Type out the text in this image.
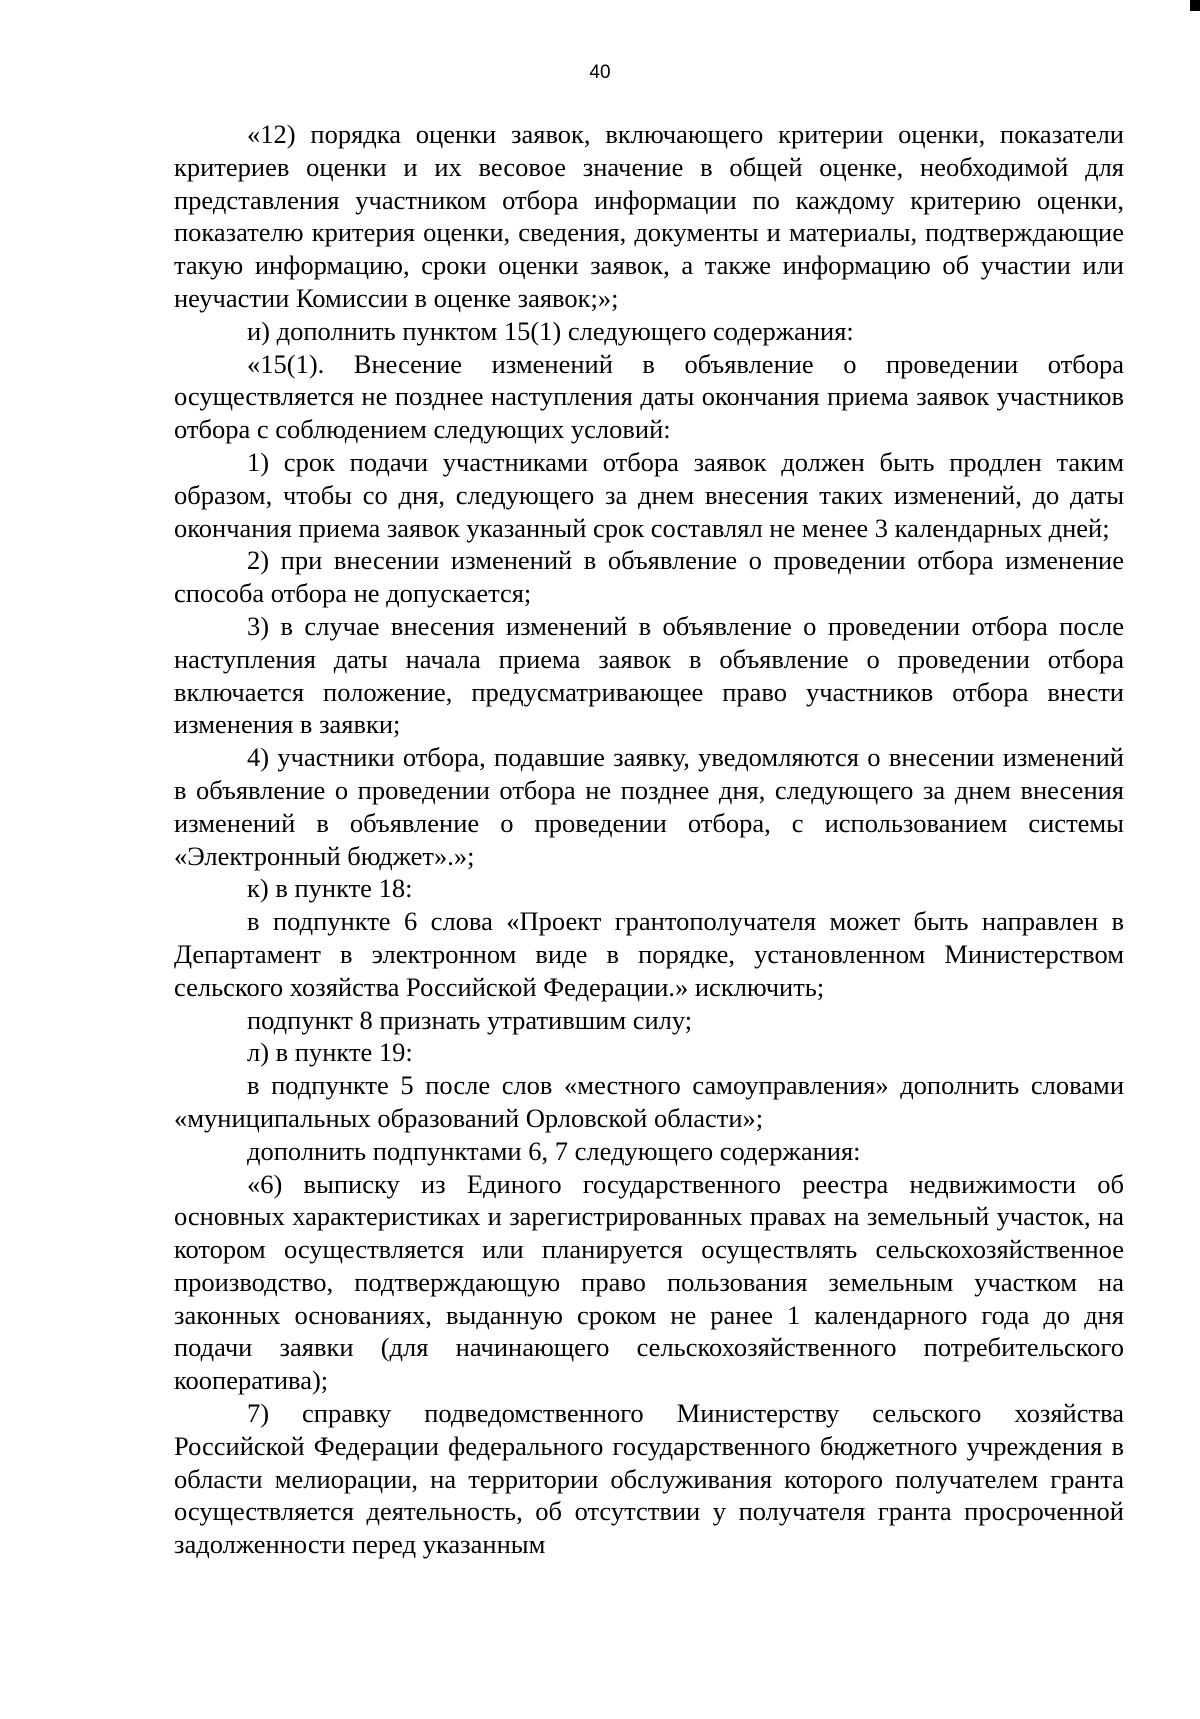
40

«12) порядка оценки заявок, включающего критерии оценки, показатели критериев оценки и их весовое значение в общей оценке, необходимой для представления участником отбора информации по каждому критерию оценки, показателю критерия оценки, сведения, документы и материалы, подтверждающие такую информацию, сроки оценки заявок, а также информацию об участии или неучастии Комиссии в оценке заявок;»;

и) дополнить пунктом 15(1) следующего содержания:

«15(1). Внесение изменений в объявление о проведении отбора осуществляется не позднее наступления даты окончания приема заявок участников отбора с соблюдением следующих условий:

1) срок подачи участниками отбора заявок должен быть продлен таким образом, чтобы со дня, следующего за днем внесения таких изменений, до даты окончания приема заявок указанный срок составлял не менее 3 календарных дней;

2) при внесении изменений в объявление о проведении отбора изменение способа отбора не допускается;

3) в случае внесения изменений в объявление о проведении отбора после наступления даты начала приема заявок в объявление о проведении отбора включается положение, предусматривающее право участников отбора внести изменения в заявки;

4) участники отбора, подавшие заявку, уведомляются о внесении изменений в объявление о проведении отбора не позднее дня, следующего за днем внесения изменений в объявление о проведении отбора, с использованием системы «Электронный бюджет».»;

к) в пункте 18:

в подпункте 6 слова «Проект грантополучателя может быть направлен в Департамент в электронном виде в порядке, установленном Министерством сельского хозяйства Российской Федерации.» исключить;

подпункт 8 признать утратившим силу;

л) в пункте 19:

в подпункте 5 после слов «местного самоуправления» дополнить словами «муниципальных образований Орловской области»;

дополнить подпунктами 6, 7 следующего содержания:

«6) выписку из Единого государственного реестра недвижимости об основных характеристиках и зарегистрированных правах на земельный участок, на котором осуществляется или планируется осуществлять сельскохозяйственное производство, подтверждающую право пользования земельным участком на законных основаниях, выданную сроком не ранее 1 календарного года до дня подачи заявки (для начинающего сельскохозяйственного потребительского кооператива);

7) справку подведомственного Министерству сельского хозяйства Российской Федерации федерального государственного бюджетного учреждения в области мелиорации, на территории обслуживания которого получателем гранта осуществляется деятельность, об отсутствии у получателя гранта просроченной задолженности перед указанным
